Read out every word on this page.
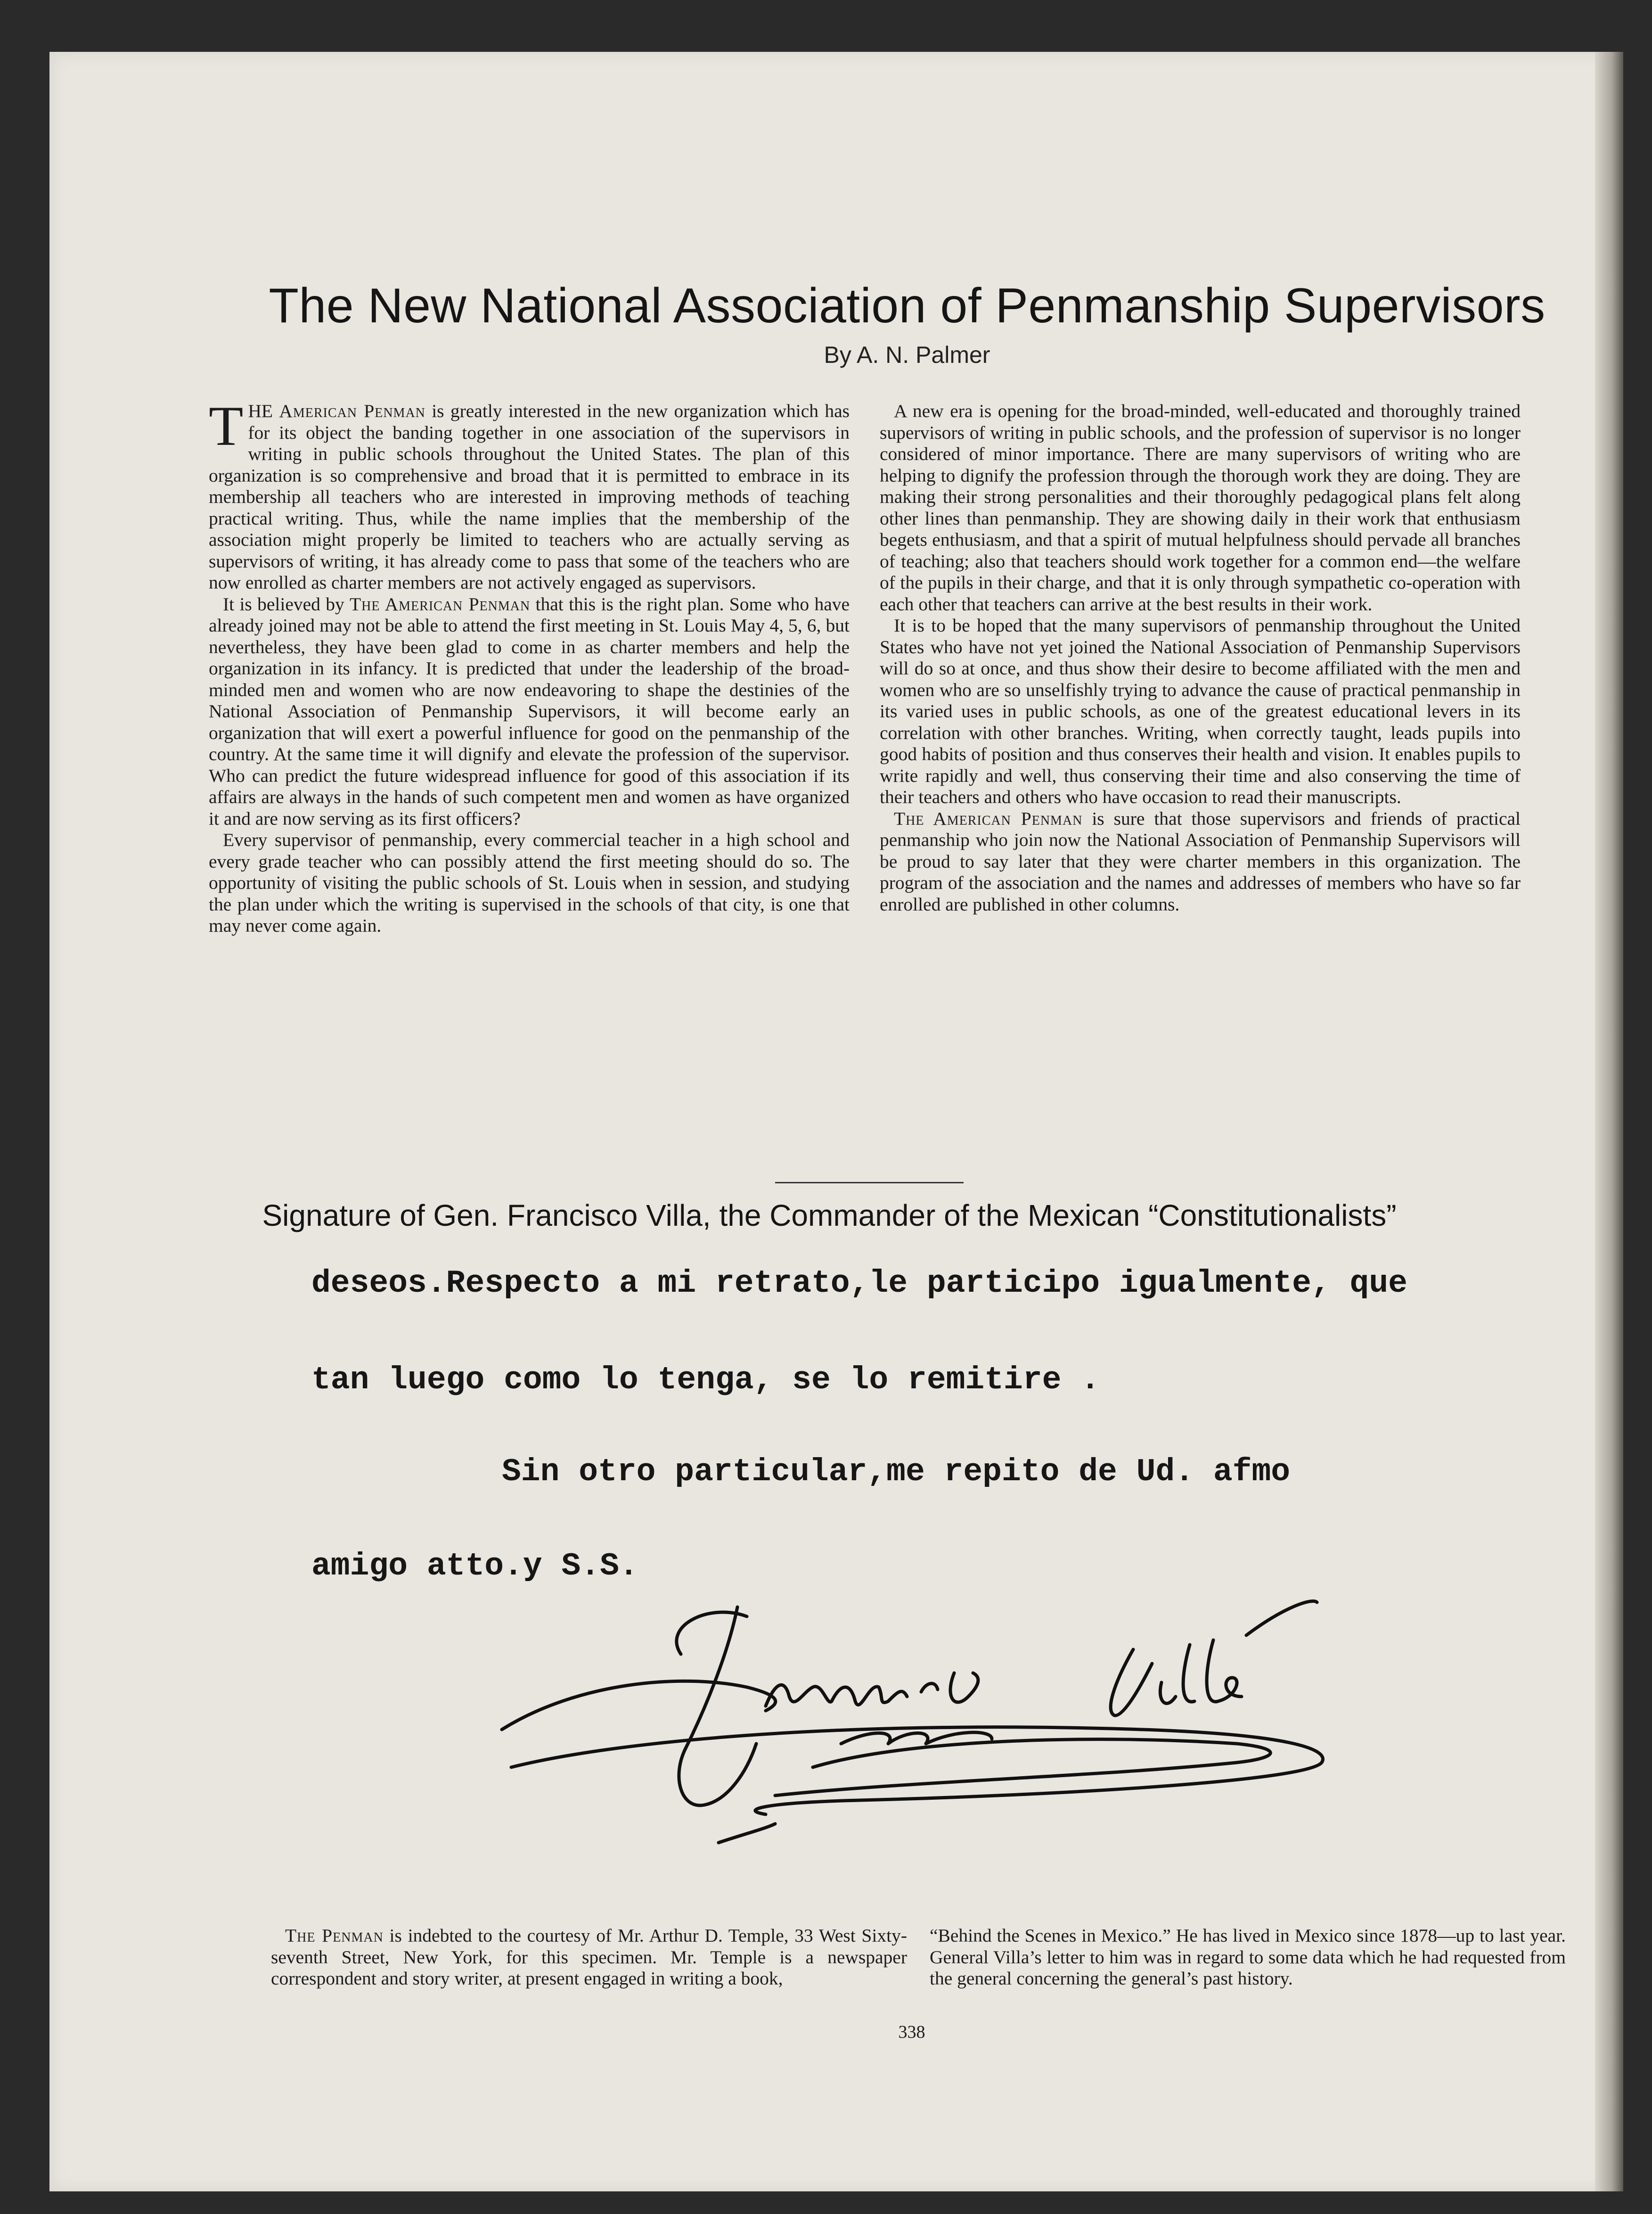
The New National Association of Penmanship Supervisors
By A. N. Palmer

THE American Penman is greatly interested in the new organization which has for its object the banding together in one association of the supervisors in writing in public schools throughout the United States. The plan of this organization is so comprehensive and broad that it is permitted to embrace in its membership all teachers who are interested in improving methods of teaching practical writing. Thus, while the name implies that the membership of the association might properly be limited to teachers who are actually serving as supervisors of writing, it has already come to pass that some of the teachers who are now enrolled as charter members are not actively engaged as supervisors.

It is believed by The American Penman that this is the right plan. Some who have already joined may not be able to attend the first meeting in St. Louis May 4, 5, 6, but nevertheless, they have been glad to come in as charter members and help the organization in its infancy. It is predicted that under the leadership of the broad-minded men and women who are now endeavoring to shape the destinies of the National Association of Penmanship Supervisors, it will become early an organization that will exert a powerful influence for good on the penmanship of the country. At the same time it will dignify and elevate the profession of the supervisor. Who can predict the future widespread influence for good of this association if its affairs are always in the hands of such competent men and women as have organized it and are now serving as its first officers?

Every supervisor of penmanship, every commercial teacher in a high school and every grade teacher who can possibly attend the first meeting should do so. The opportunity of visiting the public schools of St. Louis when in session, and studying the plan under which the writing is supervised in the schools of that city, is one that may never come again.

A new era is opening for the broad-minded, well-educated and thoroughly trained supervisors of writing in public schools, and the profession of supervisor is no longer considered of minor importance. There are many supervisors of writing who are helping to dignify the profession through the thorough work they are doing. They are making their strong personalities and their thoroughly pedagogical plans felt along other lines than penmanship. They are showing daily in their work that enthusiasm begets enthusiasm, and that a spirit of mutual helpfulness should pervade all branches of teaching; also that teachers should work together for a common end—the welfare of the pupils in their charge, and that it is only through sympathetic co-operation with each other that teachers can arrive at the best results in their work.

It is to be hoped that the many supervisors of penmanship throughout the United States who have not yet joined the National Association of Penmanship Supervisors will do so at once, and thus show their desire to become affiliated with the men and women who are so unselfishly trying to advance the cause of practical penmanship in its varied uses in public schools, as one of the greatest educational levers in its correlation with other branches. Writing, when correctly taught, leads pupils into good habits of position and thus conserves their health and vision. It enables pupils to write rapidly and well, thus conserving their time and also conserving the time of their teachers and others who have occasion to read their manuscripts.

The American Penman is sure that those supervisors and friends of practical penmanship who join now the National Association of Penmanship Supervisors will be proud to say later that they were charter members in this organization. The program of the association and the names and addresses of members who have so far enrolled are published in other columns.

Signature of Gen. Francisco Villa, the Commander of the Mexican “Constitutionalists”
deseos.Respecto a mi retrato,le participo igualmente, que
tan luego como lo tenga, se lo remitire .
Sin otro particular,me repito de Ud. afmo
amigo atto.y S.S.

The Penman is indebted to the courtesy of Mr. Arthur D. Temple, 33 West Sixty-seventh Street, New York, for this specimen. Mr. Temple is a newspaper correspondent and story writer, at present engaged in writing a book,

“Behind the Scenes in Mexico.” He has lived in Mexico since 1878—up to last year. General Villa’s letter to him was in regard to some data which he had requested from the general concerning the general’s past history.

338
